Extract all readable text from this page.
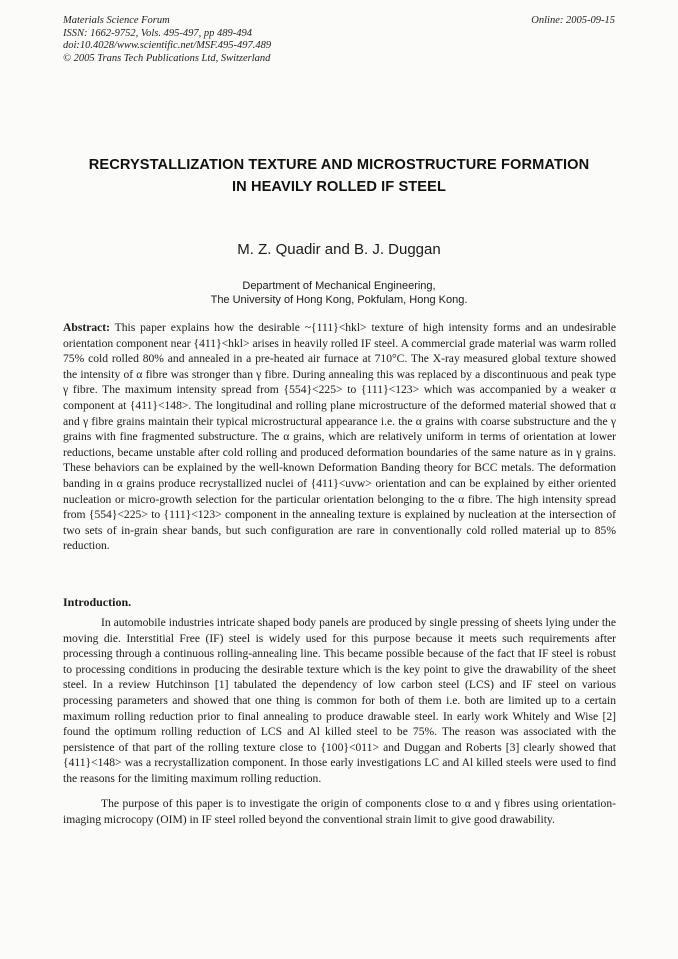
Materials Science Forum
ISSN: 1662-9752, Vols. 495-497, pp 489-494
doi:10.4028/www.scientific.net/MSF.495-497.489
© 2005 Trans Tech Publications Ltd, Switzerland
Online: 2005-09-15
RECRYSTALLIZATION TEXTURE AND MICROSTRUCTURE FORMATION
IN HEAVILY ROLLED IF STEEL
M. Z. Quadir and B. J. Duggan
Department of Mechanical Engineering,
The University of Hong Kong, Pokfulam, Hong Kong.

Abstract: This paper explains how the desirable ~{111}<hkl> texture of high intensity forms and an undesirable orientation component near {411}<hkl> arises in heavily rolled IF steel. A commercial grade material was warm rolled 75% cold rolled 80% and annealed in a pre-heated air furnace at 710°C. The X-ray measured global texture showed the intensity of α fibre was stronger than γ fibre. During annealing this was replaced by a discontinuous and peak type γ fibre. The maximum intensity spread from {554}<225> to {111}<123> which was accompanied by a weaker α component at {411}<148>. The longitudinal and rolling plane microstructure of the deformed material showed that α and γ fibre grains maintain their typical microstructural appearance i.e. the α grains with coarse substructure and the γ grains with fine fragmented substructure. The α grains, which are relatively uniform in terms of orientation at lower reductions, became unstable after cold rolling and produced deformation boundaries of the same nature as in γ grains. These behaviors can be explained by the well-known Deformation Banding theory for BCC metals. The deformation banding in α grains produce recrystallized nuclei of {411}<uvw> orientation and can be explained by either oriented nucleation or micro-growth selection for the particular orientation belonging to the α fibre. The high intensity spread from {554}<225> to {111}<123> component in the annealing texture is explained by nucleation at the intersection of two sets of in-grain shear bands, but such configuration are rare in conventionally cold rolled material up to 85% reduction.

Introduction.

In automobile industries intricate shaped body panels are produced by single pressing of sheets lying under the moving die. Interstitial Free (IF) steel is widely used for this purpose because it meets such requirements after processing through a continuous rolling-annealing line. This became possible because of the fact that IF steel is robust to processing conditions in producing the desirable texture which is the key point to give the drawability of the sheet steel. In a review Hutchinson [1] tabulated the dependency of low carbon steel (LCS) and IF steel on various processing parameters and showed that one thing is common for both of them i.e. both are limited up to a certain maximum rolling reduction prior to final annealing to produce drawable steel. In early work Whitely and Wise [2] found the optimum rolling reduction of LCS and Al killed steel to be 75%. The reason was associated with the persistence of that part of the rolling texture close to {100}<011> and Duggan and Roberts [3] clearly showed that {411}<148> was a recrystallization component. In those early investigations LC and Al killed steels were used to find the reasons for the limiting maximum rolling reduction.

The purpose of this paper is to investigate the origin of components close to α and γ fibres using orientation-imaging microcopy (OIM) in IF steel rolled beyond the conventional strain limit to give good drawability.
